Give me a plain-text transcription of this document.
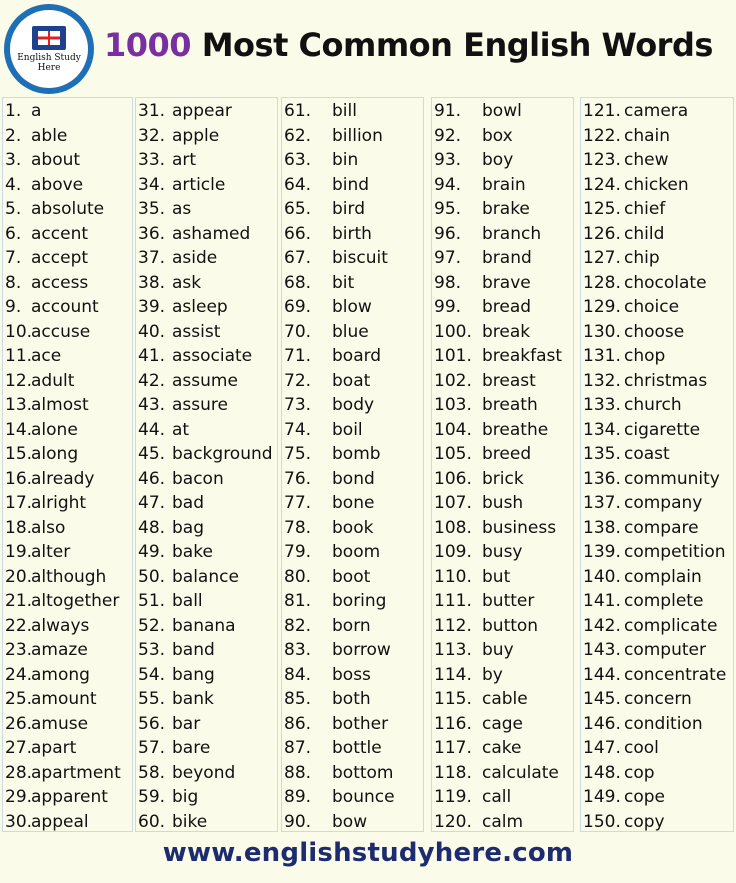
English Study
Here
1000 Most Common English Words
1. a
2. able
3. about
4. above
5. absolute
6. accent
7. accept
8. access
9. account
10.
accuse
11.
ace
12.
adult
13.
almost
14.
alone
15.
along
16.
already
17.
alright
18.
also
19.
alter
20.
although
21.
altogether
22.
always
23.
amaze
24.
among
25.
amount
26.
amuse
27.
apart
28.
apartment
29.
apparent
30.
appeal
31. appear
32. apple
33. art
34. article
35. as
36. ashamed
37. aside
38. ask
39. asleep
40. assist
41. associate
42. assume
43. assure
44. at
45. background
46. bacon
47. bad
48. bag
49. bake
50. balance
51. ball
52. banana
53. band
54. bang
55. bank
56. bar
57. bare
58. beyond
59. big
60. bike
61. bill
62. billion
63. bin
64. bind
65. bird
66. birth
67. biscuit
68. bit
69. blow
70. blue
71. board
72. boat
73. body
74. boil
75. bomb
76. bond
77. bone
78. book
79. boom
80. boot
81. boring
82. born
83. borrow
84. boss
85. both
86. bother
87. bottle
88. bottom
89. bounce
90. bow
91. bowl
92. box
93. boy
94. brain
95. brake
96. branch
97. brand
98. brave
99. bread
100. break
101. breakfast
102. breast
103. breath
104. breathe
105. breed
106. brick
107. bush
108. business
109. busy
110. but
111. butter
112. button
113. buy
114. by
115. cable
116. cage
117. cake
118. calculate
119. call
120. calm
121. camera
122. chain
123. chew
124. chicken
125. chief
126. child
127. chip
128. chocolate
129. choice
130. choose
131. chop
132. christmas
133. church
134. cigarette
135. coast
136. community
137. company
138. compare
139. competition
140. complain
141. complete
142. complicate
143. computer
144. concentrate
145. concern
146. condition
147. cool
148. cop
149. cope
150. copy
www.englishstudyhere.com
